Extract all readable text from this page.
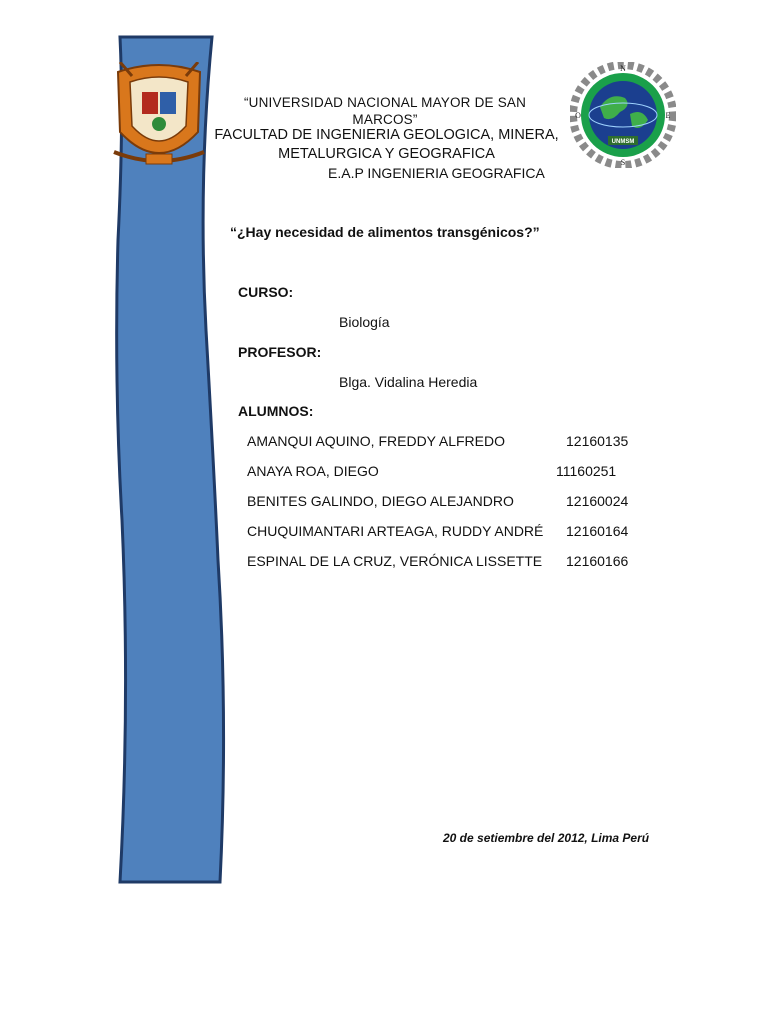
UNMSM
N
O	E
S
“UNIVERSIDAD NACIONAL MAYOR DE SAN MARCOS”
FACULTAD DE INGENIERIA GEOLOGICA, MINERA, METALURGICA Y GEOGRAFICA
E.A.P INGENIERIA GEOGRAFICA
“¿Hay necesidad de alimentos transgénicos?”
CURSO:
Biología
PROFESOR:
Blga. Vidalina Heredia
ALUMNOS:
AMANQUI AQUINO, FREDDY ALFREDO	12160135
ANAYA ROA, DIEGO	11160251
BENITES GALINDO, DIEGO ALEJANDRO	12160024
CHUQUIMANTARI ARTEAGA, RUDDY ANDRÉ 12160164
ESPINAL DE LA CRUZ, VERÓNICA LISSETTE 12160166
20 de setiembre del 2012, Lima Perú
